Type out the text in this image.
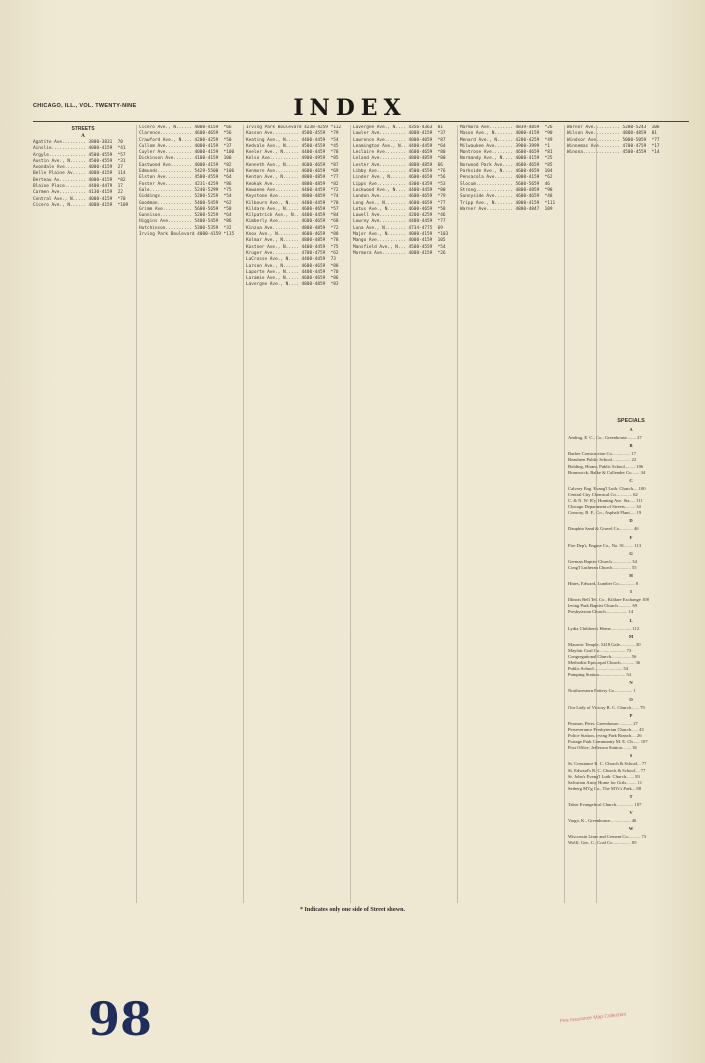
CHICAGO, ILL., VOL. TWENTY-NINE	INDEX
STREETS
A
Agatite Ave......... 3800-3831  70
Ainslie............. 4000-4159  *41
Argyle.............. 4500-4559  *57
Austin Ave., N...... 4500-4559  *31
Avondale Ave........ 4000-4159  27
Belle Plaine Av..... 4000-4159  114
Berteau Av.......... 4000-4159  *82
Blaine Place........ 4400-4479  17
Carmen Ave.......... 4130-4159  22
Central Ave., N..... 4000-4159  *70
Cicero Ave., N...... 4000-4159  *109
Cicero Ave., N...... 4000-4159  *66
Clarence............ 4600-4659  *56
Crawford Ave., N.... 4200-4259  *50
Cullom Ave.......... 4000-4159  *37
Cuyler Ave.......... 4000-4159  *100
Dickinson Ave....... 4100-4159  108
Eastwood Ave........ 4000-4159  *82
Edmunds............. 5429-5500  *106
Elston Ave.......... 4500-4559  *64
Foster Ave.......... 4231-4259  *86
Gale................ 5240-5299  *75
Giddings............ 5200-5259  *54
Goodman............. 5400-5459  *62
Grimm Ave........... 5600-5659  *58
Gunnison............ 5200-5259  *64
Higgins Ave......... 5400-5459  *86
Hutchinson.......... 5300-5359  *32
Irving Park Boulevard 4000-4159 *115
Irving Park Boulevard 4238-4259 *112
Kasson Ave.......... 4500-4559  *79
Keating Ave., N..... 4400-4459  *54
Kedvale Ave., N..... 4500-4559  *45
Keeler Ave., N...... 4400-4459  *78
Kelso Ave........... 4900-4959  *85
Kenneth Ave., N..... 4600-4659  *87
Kenmore Ave......... 4600-4659  *69
Kenton Ave., N...... 4800-4859  *77
Keokuk Ave.......... 4800-4859  *82
Kewanee Ave......... 4400-4459  *72
Keystone Ave........ 4800-4859  *74
Kilbourn Ave., N.... 4400-4459  *70
Kildare Ave., N..... 4600-4659  *57
Kilpatrick Ave., N.. 4400-4459  *84
Kimberly Ave........ 4600-4659  *68
Kinzua Ave.......... 4800-4859  *72
Knox Ave., N........ 4600-4659  *80
Kolmar Ave., N...... 4800-4859  *78
Kostner Ave., N..... 4400-4459  *75
Kruger Ave.......... 4700-4759  *62
LaCrosse Ave., N.... 4400-4459  73
Larson Ave., N...... 4600-4659  *88
Laporte Ave., N..... 4400-4459  *70
Laramie Ave., N..... 4600-4659  *86
Lavergne Ave., N.... 4800-4859  *83
Lavergne Ave., N.... 4356-4363  81
Lawler Ave.......... 4000-4159  *37
Lawrence Ave........ 4000-4059  *87
Leamington Ave., N.. 4400-4459  *64
Leclaire Ave........ 4600-4659  *80
Leland Ave.......... 4800-4859  *80
Lester Ave.......... 4800-4859  66
Libby Ave........... 4500-4559  *76
Linder Ave., N...... 4600-4659  *56
Lipps Ave........... 4300-4359  *53
Lockwood Ave., N.... 4400-4459  *80
London Ave.......... 4600-4659  *79
Long Ave., N........ 4600-4659  *77
Lotus Ave., N....... 4600-4659  *58
Lowell Ave.......... 4200-4259  *46
Lowrey Ave.......... 4400-4459  *77
Luna Ave., N........ 4734-4775  69
Major Ave., N....... 4000-4159  *103
Mango Ave........... 4000-4159  105
Mansfield Ave., N... 4500-4559  *54
Marmora Ave......... 4000-4159  *26
Marmora Ave......... 4839-4859  *26
Mason Ave., N....... 4000-4159  *90
Menard Ave., N...... 4200-4259  *49
Milwaukee Ave....... 3900-3999  *1
Montrose Ave........ 4600-4659  *81
Normandy Ave., N.... 4000-4159  *25
Norwood Park Ave.... 4600-4659  *85
Parkside Ave., N.... 4600-4659  104
Pensacola Ave....... 4000-4159  *62
Slocum.............. 5600-5659  46
Strong.............. 4800-4859  *98
Sunnyside Ave....... 4600-4659  *48
Tripp Ave., N....... 4000-4159  *111
Warner Ave.......... 4800-4847  109
Warner Ave.......... 5200-5243  106
Wilson Ave.......... 4800-4859  81
Windsor Ave......... 5000-5059  *77
Winnemac Ave........ 4700-4759  *17
Winona.............. 4500-4559  *14
SPECIALS
A
Amling, E. C., Co., Greenhouse........ 27
B
Barber Construction Co................ 17
Beaubien Public School................ 22
Bolding, Hiram, Public School......... 106
Brunswick, Balke & Collender Co....... 34
C
Calvary Eng. Evang'l Luth. Church.... 100
Central City Chemical Co.............. 62
C. & N. W. R'y, Hunting Ave. Sta..... 111
Chicago Department of Streets......... 34
Conway, R. F., Co., Asphalt Plant..... 19
D
Dauphin Sand & Gravel Co............ 46
F
Fire Dep't, Engine Co., No. 91........ 113
G
German Baptist Church................. 34
Cong'l Lutheran Church................ 55
H
Hines, Edward, Lumber Co.............. 8
I
Illinois Bell Tel. Co., Kildare Exchange 108
Irving Park Baptist Church............ 69
Presbyterian Church................... 14
L
Lydia Children's Home.................. 112
M
Masonic Temple, 5418 Gale............. 30
Mayfair Coal Co....................... 73
Congregational Church................. 56
Methodist Episcopal Church............ 36
Public School......................... 54
Pumping Station....................... 54
N
Northwestern Pottery Co................ 1
O
Our Lady of Victory R. C. Church....... 79
P
Pearson, Peter, Greenhouse............ 27
Perseverance Presbyterian Church...... 43
Police Station, Irving Park Branch.... 26
Portage Park Community M. E. Ch...... 107
Post Office, Jefferson Station........ 36
S
St. Constance R. C. Church & School... 77
St. Edward's R. C. Church & School.... 77
St. John's Evang'l Luth. Church....... 83
Salvation Army Home for Girls......... 11
Seiberg M'f'g Co., The M'f'r's Park... 88
T
Tabor Evangelical Church............... 107
V
Vargo, K., Greenhouse.................. 46
W
Wisconsin Lime and Cement Co........... 73
Wolff, Geo. C., Coal Co................ 85
* Indicates only one side of Street shown.
98	Fire Insurance Map Collection
